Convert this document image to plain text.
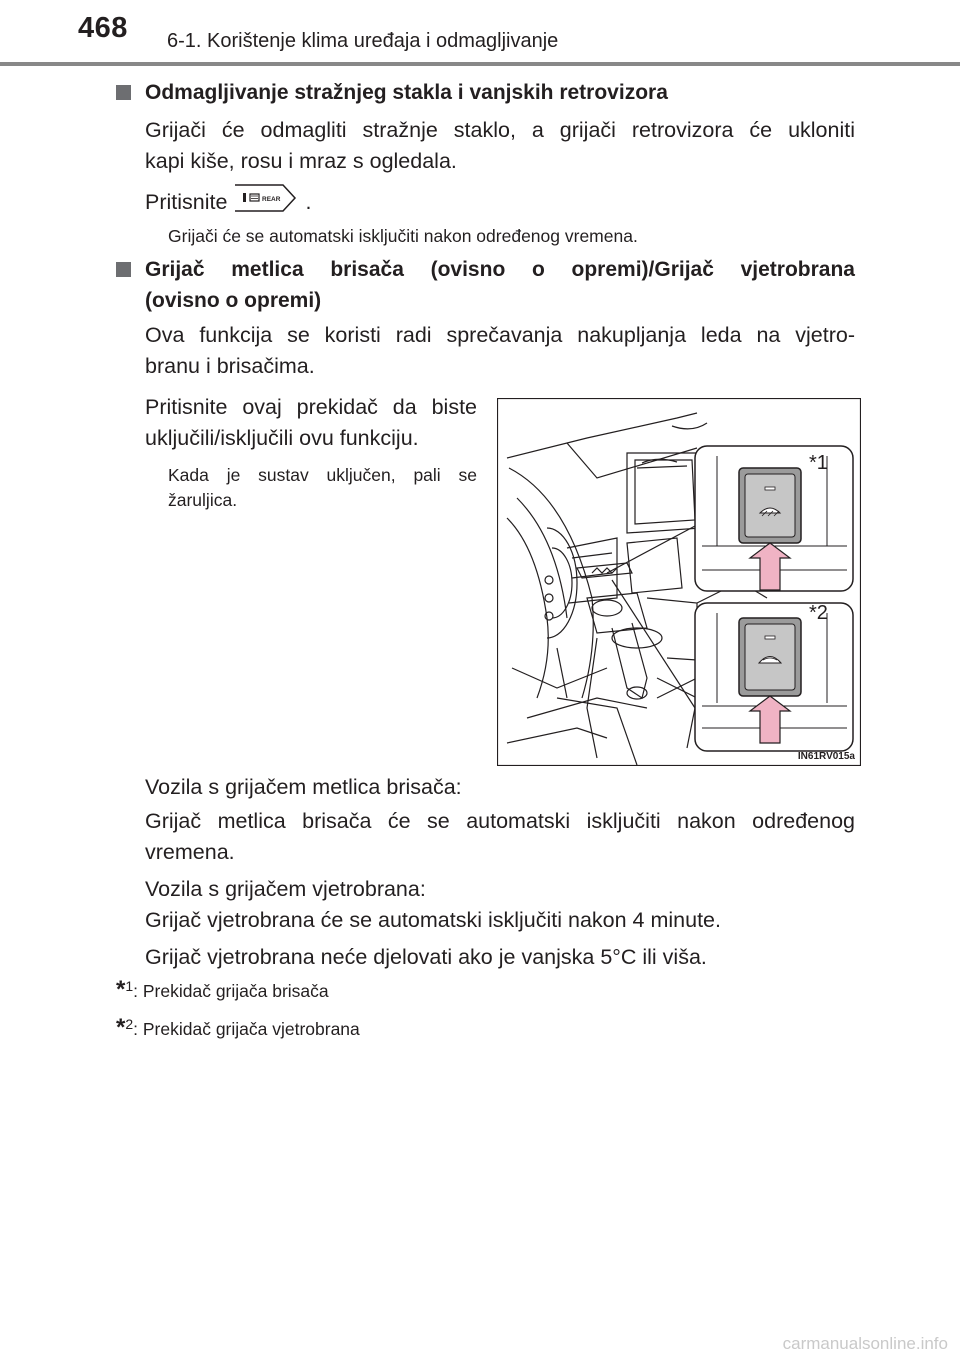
468 6-1. Korištenje klima uređaja i odmagljivanje
Odmagljivanje stražnjeg stakla i vanjskih retrovizora
Grijači će odmagliti stražnje staklo, a grijači retrovizora će ukloniti
kapi kiše, rosu i mraz s ogledala.
Pritisnite	REAR .
Grijači će se automatski isključiti nakon određenog vremena.
Grijač metlica brisača (ovisno o opremi)/Grijač vjetrobrana
(ovisno o opremi)
Ova funkcija se koristi radi sprečavanja nakupljanja leda na vjetro-
branu i brisačima.
Pritisnite ovaj prekidač da biste
uključili/isključili ovu funkciju.
Kada je sustav uključen, pali se
žaruljica.
*1
*2
IN61RV015a
Vozila s grijačem metlica brisača:
Grijač metlica brisača će se automatski isključiti nakon određenog
vremena.
Vozila s grijačem vjetrobrana:
Grijač vjetrobrana će se automatski isključiti nakon 4 minute.
Grijač vjetrobrana neće djelovati ako je vanjska 5°C ili viša.
*1: Prekidač grijača brisača
*2: Prekidač grijača vjetrobrana
carmanualsonline.info
